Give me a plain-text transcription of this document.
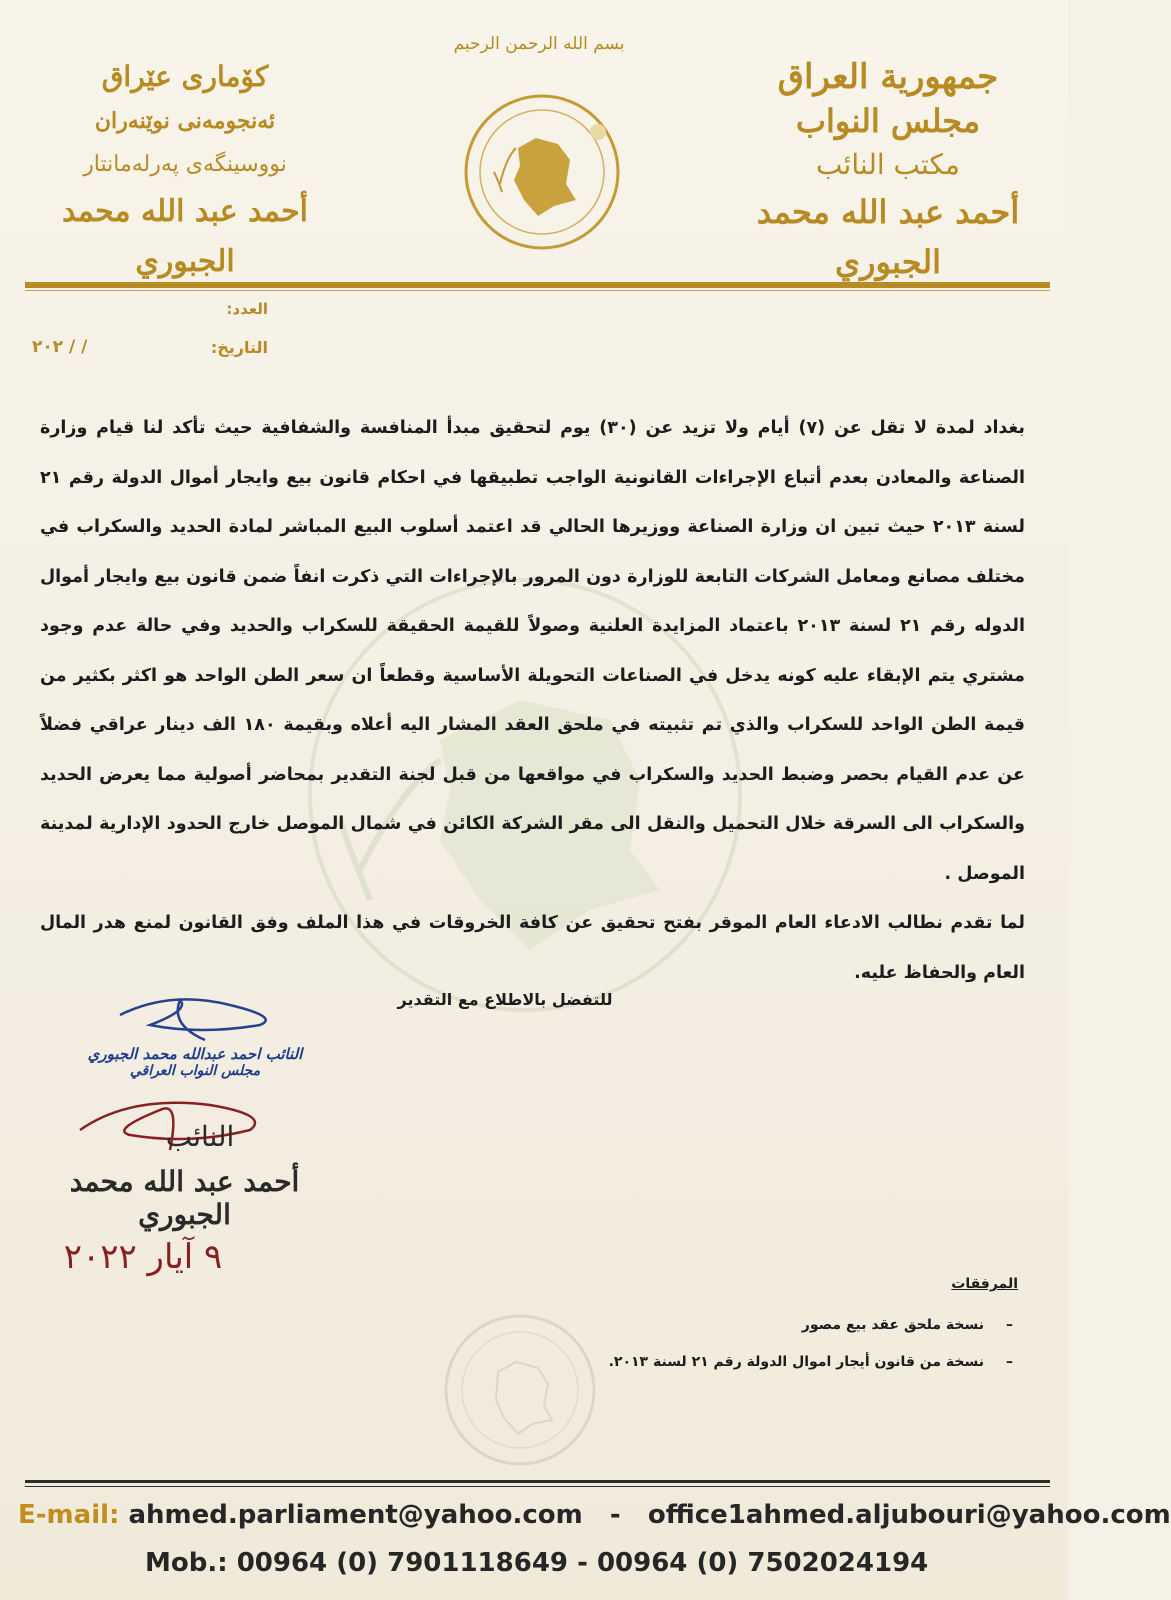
جمهورية العراق
مجلس النواب
مكتب النائب
أحمد عبد الله محمد الجبوري
کۆماری عێراق
ئەنجومەنی نوێنەران
نووسینگەی پەرلەمانتار
أحمد عبد الله محمد الجبوري
بسم الله الرحمن الرحيم
العدد:
التاريخ:
٢٠٢ / /

بغداد لمدة لا تقل عن (٧) أيام ولا تزيد عن (٣٠) يوم لتحقيق مبدأ المنافسة والشفافية حيث تأكد لنا قيام وزارة الصناعة والمعادن بعدم أتباع الإجراءات القانونية الواجب تطبيقها في احكام قانون بيع وايجار أموال الدولة رقم ٢١ لسنة ٢٠١٣ حيث تبين ان وزارة الصناعة ووزيرها الحالي قد اعتمد أسلوب البيع المباشر لمادة الحديد والسكراب في مختلف مصانع ومعامل الشركات التابعة للوزارة دون المرور بالإجراءات التي ذكرت انفاً ضمن قانون بيع وايجار أموال الدوله رقم ٢١ لسنة ٢٠١٣ باعتماد المزايدة العلنية وصولاً للقيمة الحقيقة للسكراب والحديد وفي حالة عدم وجود مشتري يتم الإبقاء عليه كونه يدخل في الصناعات التحويلة الأساسية وقطعاً ان سعر الطن الواحد هو اكثر بكثير من قيمة الطن الواحد للسكراب والذي تم تثبيته في ملحق العقد المشار اليه أعلاه وبقيمة ١٨٠ الف دينار عراقي فضلاً عن عدم القيام بحصر وضبط الحديد والسكراب في مواقعها من قبل لجنة التقدير بمحاضر أصولية مما يعرض الحديد والسكراب الى السرقة خلال التحميل والنقل الى مقر الشركة الكائن في شمال الموصل خارج الحدود الإدارية لمدينة الموصل .

لما تقدم نطالب الادعاء العام الموقر بفتح تحقيق عن كافة الخروقات في هذا الملف وفق القانون لمنع هدر المال العام والحفاظ عليه.

للتفضل بالاطلاع مع التقدير
النائب احمد عبدالله محمد الجبوري
مجلس النواب العراقي
النائب
أحمد عبد الله محمد الجبوري
٩ آيار ٢٠٢٢
المرفقات
– نسخة ملحق عقد بيع مصور
– نسخة من قانون أيجار اموال الدولة رقم ٢١ لسنة ٢٠١٣.
E-mail: ahmed.parliament@yahoo.com - office1ahmed.aljubouri@yahoo.com
Mob.: 00964 (0) 7901118649 - 00964 (0) 7502024194
